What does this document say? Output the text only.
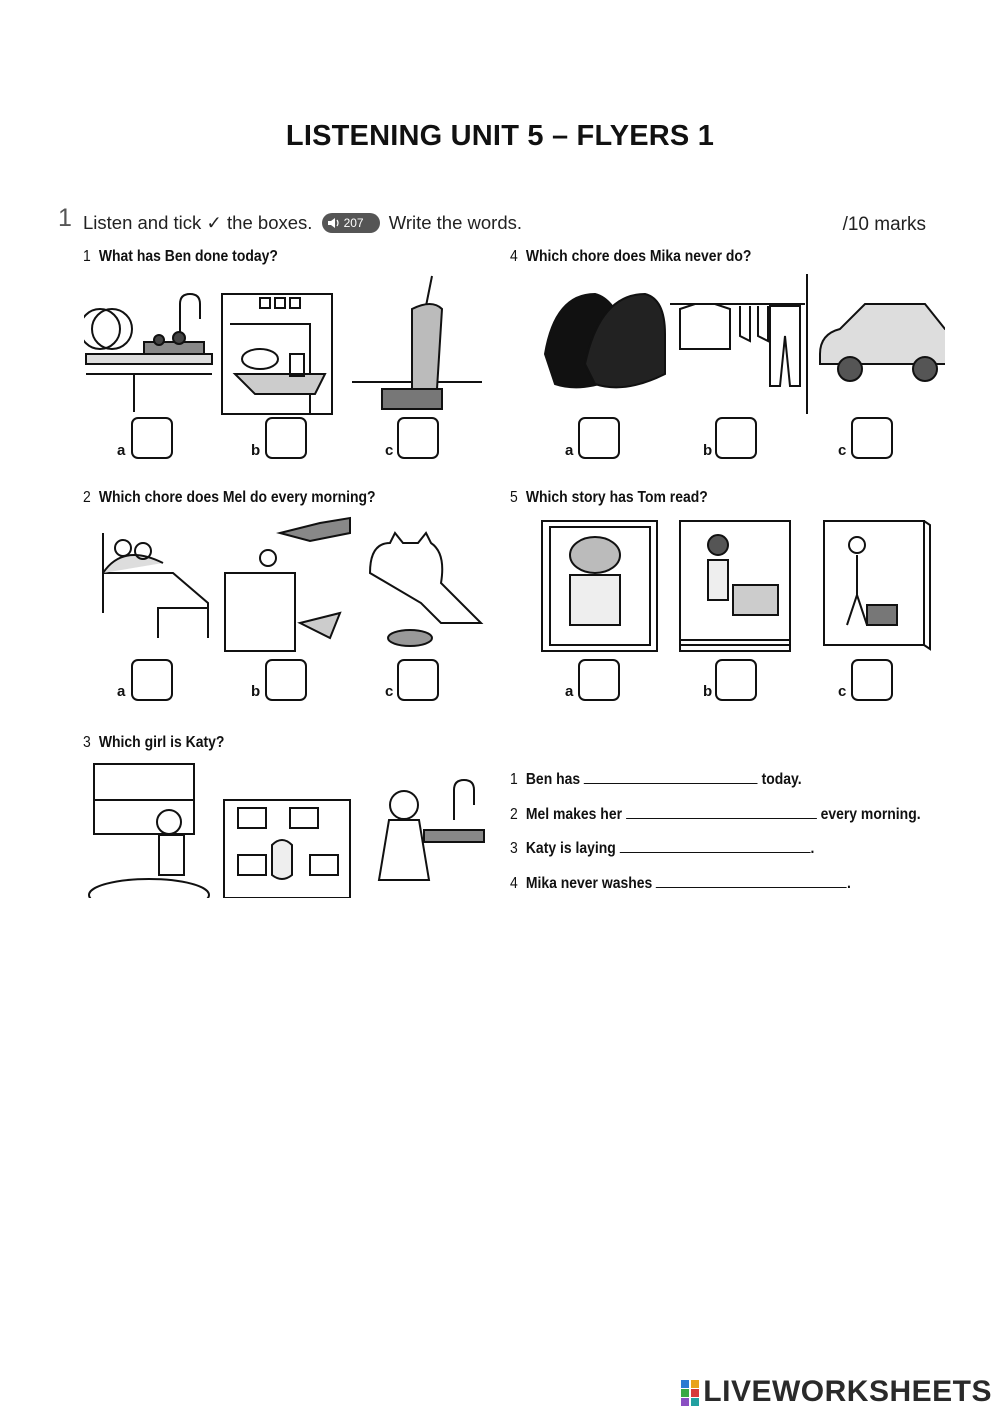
LISTENING UNIT 5 – FLYERS 1
1 Listen and tick ✓ the boxes.	207 Write the words.	/10 marks
1 What has Ben done today?
a	b	c
4 Which chore does Mika never do?
a	b	c
2 Which chore does Mel do every morning?
a	b	c
5 Which story has Tom read?
a	b	c
3 Which girl is Katy?
1 Ben has	today.
2 Mel makes her	every morning.
3 Katy is laying	.
4 Mika never washes	.
LIVEWORKSHEETS
